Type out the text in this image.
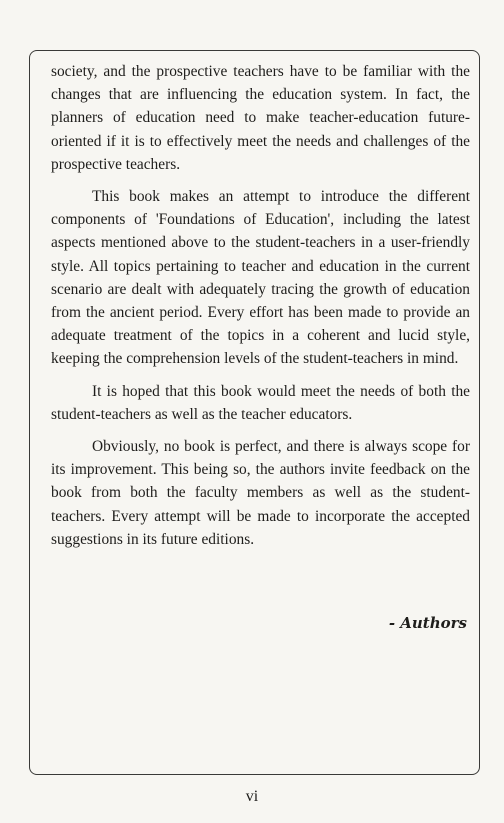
society, and the prospective teachers have to be familiar with the changes that are influencing the education system. In fact, the planners of education need to make teacher-education future-oriented if it is to effectively meet the needs and challenges of the prospective teachers.

This book makes an attempt to introduce the different components of 'Foundations of Education', including the latest aspects mentioned above to the student-teachers in a user-friendly style. All topics pertaining to teacher and education in the current scenario are dealt with adequately tracing the growth of education from the ancient period. Every effort has been made to provide an adequate treatment of the topics in a coherent and lucid style, keeping the comprehension levels of the student-teachers in mind.

It is hoped that this book would meet the needs of both the student-teachers as well as the teacher educators.

Obviously, no book is perfect, and there is always scope for its improvement. This being so, the authors invite feedback on the book from both the faculty members as well as the student-teachers. Every attempt will be made to incorporate the accepted suggestions in its future editions.

- Authors
vi
